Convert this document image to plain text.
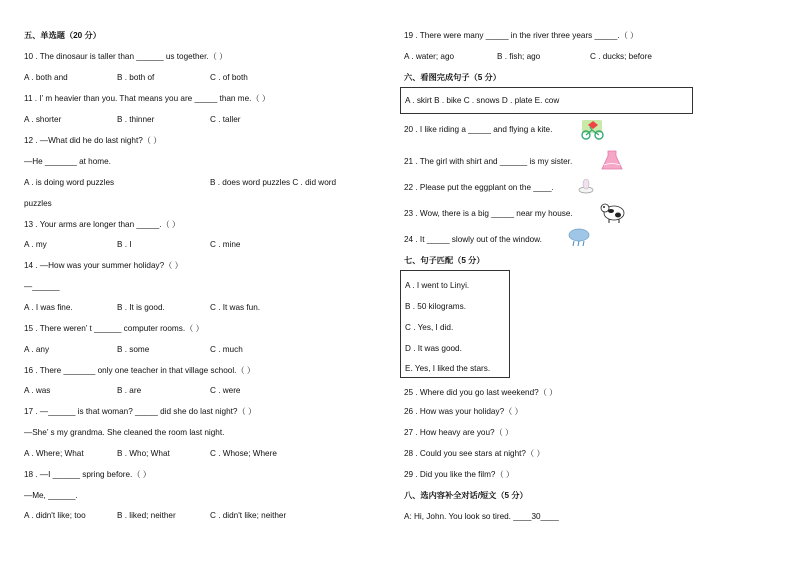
五、单选题（20 分）
10 . The dinosaur is taller than ______ us together.（ ）
A . both and	B . both of	C . of both
11 . I’ m heavier than you. That means you are _____ than me.（ ）
A . shorter	B . thinner	C . taller
12 . —What did he do last night?（ ）
—He _______ at home.
A . is doing word puzzles	B . does word puzzles C . did word
puzzles
13 . Your arms are longer than _____.（ ）
A . my	B . I	C . mine
14 . —How was your summer holiday?（ ）
—______
A . I was fine.	B . It is good.	C . It was fun.
15 . There weren’ t ______ computer rooms.（ ）
A . any	B . some	C . much
16 . There _______ only one teacher in that village school.（ ）
A . was	B . are	C . were
17 . —______ is that woman? _____ did she do last night?（ ）
—She’ s my grandma. She cleaned the room last night.
A . Where; What	B . Who; What	C . Whose; Where
18 . —I ______ spring before.（ ）
—Me, ______.
A . didn't like; too	B . liked; neither	C . didn't like; neither
19 . There were many _____ in the river three years _____.（ ）
A . water; ago	B . fish; ago	C . ducks; before
六、看图完成句子（5 分）
A . skirt B . bike C . snows D . plate E. cow
20 . I like riding a _____ and flying a kite.
21 . The girl with shirt and ______ is my sister.
22 . Please put the eggplant on the ____.
23 . Wow, there is a big _____ near my house.
24 . It _____ slowly out of the window.
七、句子匹配（5 分）
A . I went to Linyi.
B . 50 kilograms.
C . Yes, I did.
D . It was good.
E. Yes, I liked the stars.
25 . Where did you go last weekend?（ ）
26 . How was your holiday?（ ）
27 . How heavy are you?（ ）
28 . Could you see stars at night?（ ）
29 . Did you like the film?（ ）
八、选内容补全对话/短文（5 分）
A: Hi, John. You look so tired. ____30____
